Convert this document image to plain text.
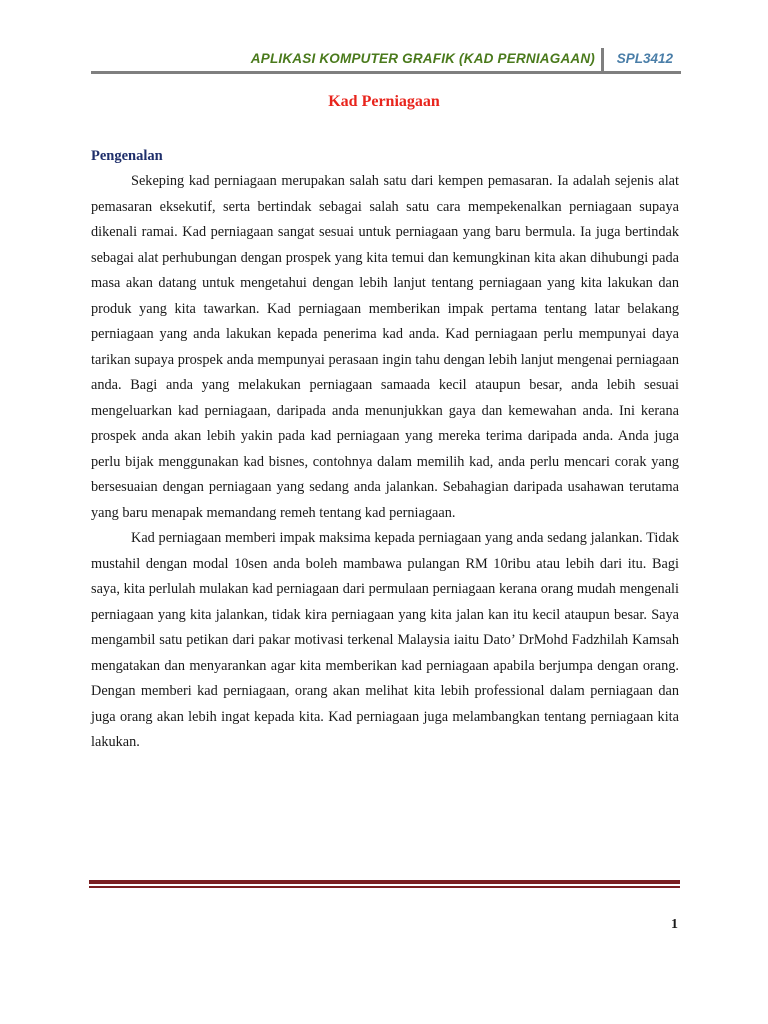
APLIKASI KOMPUTER GRAFIK (KAD PERNIAGAAN) SPL3412
Kad Perniagaan
Pengenalan

Sekeping kad perniagaan merupakan salah satu dari kempen pemasaran. Ia adalah sejenis alat pemasaran eksekutif, serta bertindak sebagai salah satu cara mempekenalkan perniagaan supaya dikenali ramai. Kad perniagaan sangat sesuai untuk perniagaan yang baru bermula. Ia juga bertindak sebagai alat perhubungan dengan prospek yang kita temui dan kemungkinan kita akan dihubungi pada masa akan datang untuk mengetahui dengan lebih lanjut tentang perniagaan yang kita lakukan dan produk yang kita tawarkan. Kad perniagaan memberikan impak pertama tentang latar belakang perniagaan yang anda lakukan kepada penerima kad anda. Kad perniagaan perlu mempunyai daya tarikan supaya prospek anda mempunyai perasaan ingin tahu dengan lebih lanjut mengenai perniagaan anda. Bagi anda yang melakukan perniagaan samaada kecil ataupun besar, anda lebih sesuai mengeluarkan kad perniagaan, daripada anda menunjukkan gaya dan kemewahan anda. Ini kerana prospek anda akan lebih yakin pada kad perniagaan yang mereka terima daripada anda. Anda juga perlu bijak menggunakan kad bisnes, contohnya dalam memilih kad, anda perlu mencari corak yang bersesuaian dengan perniagaan yang sedang anda jalankan. Sebahagian daripada usahawan terutama yang baru menapak memandang remeh tentang kad perniagaan.

Kad perniagaan memberi impak maksima kepada perniagaan yang anda sedang jalankan. Tidak mustahil dengan modal 10sen anda boleh mambawa pulangan RM 10ribu atau lebih dari itu. Bagi saya, kita perlulah mulakan kad perniagaan dari permulaan perniagaan kerana orang mudah mengenali perniagaan yang kita jalankan, tidak kira perniagaan yang kita jalan kan itu kecil ataupun besar. Saya mengambil satu petikan dari pakar motivasi terkenal Malaysia iaitu Dato’ DrMohd Fadzhilah Kamsah mengatakan dan menyarankan agar kita memberikan kad perniagaan apabila berjumpa dengan orang. Dengan memberi kad perniagaan, orang akan melihat kita lebih professional dalam perniagaan dan juga orang akan lebih ingat kepada kita. Kad perniagaan juga melambangkan tentang perniagaan kita lakukan.

1
